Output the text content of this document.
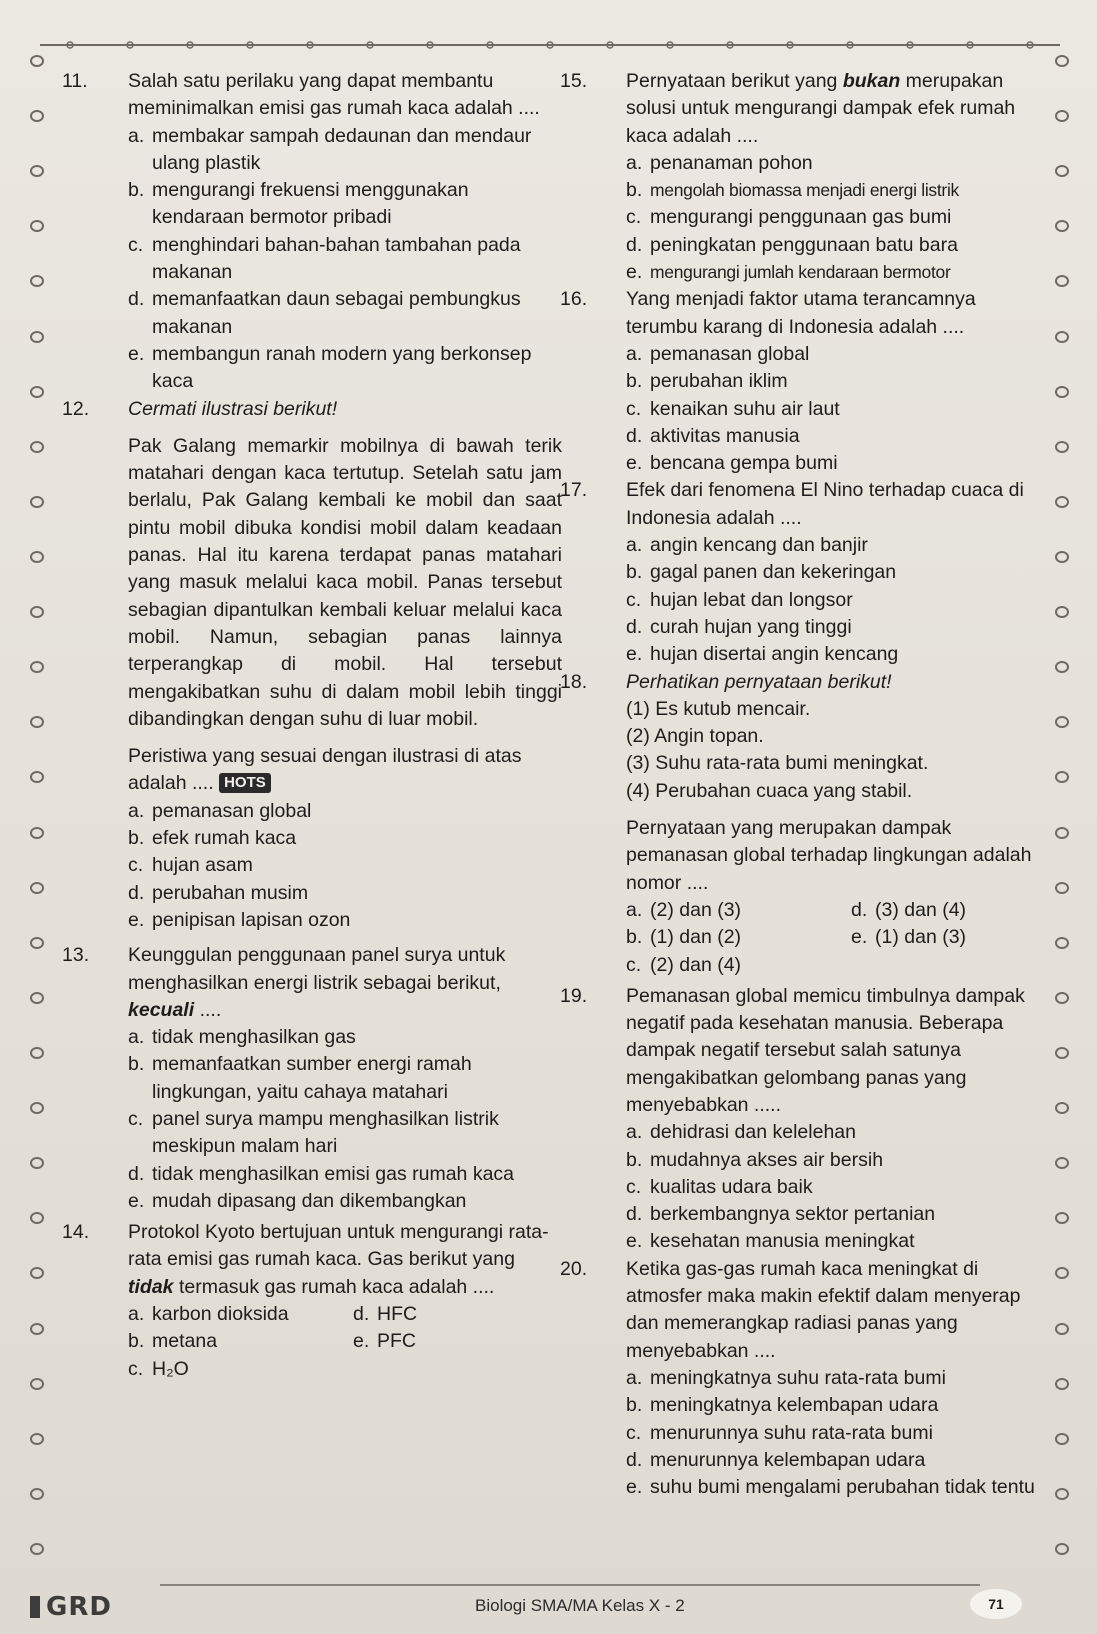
11.	Salah satu perilaku yang dapat membantu meminimalkan emisi gas rumah kaca adalah ....
a. membakar sampah dedaunan dan mendaur ulang plastik
b. mengurangi frekuensi menggunakan kendaraan bermotor pribadi
c. menghindari bahan-bahan tambahan pada makanan
d. memanfaatkan daun sebagai pembungkus makanan
e. membangun ranah modern yang berkonsep kaca
12.	Cermati ilustrasi berikut!
Pak Galang memarkir mobilnya di bawah terik matahari dengan kaca tertutup. Setelah satu jam berlalu, Pak Galang kembali ke mobil dan saat pintu mobil dibuka kondisi mobil dalam keadaan panas. Hal itu karena terdapat panas matahari yang masuk melalui kaca mobil. Panas tersebut sebagian dipantulkan kembali keluar melalui kaca mobil. Namun, sebagian panas lainnya terperangkap di mobil. Hal tersebut mengakibatkan suhu di dalam mobil lebih tinggi dibandingkan dengan suhu di luar mobil.
Peristiwa yang sesuai dengan ilustrasi di atas adalah .... HOTS
a. pemanasan global
b. efek rumah kaca
c. hujan asam
d. perubahan musim
e. penipisan lapisan ozon
13.	Keunggulan penggunaan panel surya untuk menghasilkan energi listrik sebagai berikut, kecuali ....
a. tidak menghasilkan gas
b. memanfaatkan sumber energi ramah lingkungan, yaitu cahaya matahari
c. panel surya mampu menghasilkan listrik meskipun malam hari
d. tidak menghasilkan emisi gas rumah kaca
e. mudah dipasang dan dikembangkan
14.	Protokol Kyoto bertujuan untuk mengurangi rata-rata emisi gas rumah kaca. Gas berikut yang tidak termasuk gas rumah kaca adalah ....
a. karbon dioksida	d. HFC
b. metana	e. PFC
c. H₂O
15.	Pernyataan berikut yang bukan merupakan solusi untuk mengurangi dampak efek rumah kaca adalah ....
a. penanaman pohon
b. mengolah biomassa menjadi energi listrik
c. mengurangi penggunaan gas bumi
d. peningkatan penggunaan batu bara
e. mengurangi jumlah kendaraan bermotor
16.	Yang menjadi faktor utama terancamnya terumbu karang di Indonesia adalah ....
a. pemanasan global
b. perubahan iklim
c. kenaikan suhu air laut
d. aktivitas manusia
e. bencana gempa bumi
17.	Efek dari fenomena El Nino terhadap cuaca di Indonesia adalah ....
a. angin kencang dan banjir
b. gagal panen dan kekeringan
c. hujan lebat dan longsor
d. curah hujan yang tinggi
e. hujan disertai angin kencang
18.	Perhatikan pernyataan berikut!
(1) Es kutub mencair.
(2) Angin topan.
(3) Suhu rata-rata bumi meningkat.
(4) Perubahan cuaca yang stabil.
Pernyataan yang merupakan dampak pemanasan global terhadap lingkungan adalah nomor ....
a. (2) dan (3)	d. (3) dan (4)
b. (1) dan (2)	e. (1) dan (3)
c. (2) dan (4)
19.	Pemanasan global memicu timbulnya dampak negatif pada kesehatan manusia. Beberapa dampak negatif tersebut salah satunya mengakibatkan gelombang panas yang menyebabkan .....
a. dehidrasi dan kelelehan
b. mudahnya akses air bersih
c. kualitas udara baik
d. berkembangnya sektor pertanian
e. kesehatan manusia meningkat
20.	Ketika gas-gas rumah kaca meningkat di atmosfer maka makin efektif dalam menyerap dan memerangkap radiasi panas yang menyebabkan ....
a. meningkatnya suhu rata-rata bumi
b. meningkatnya kelembapan udara
c. menurunnya suhu rata-rata bumi
d. menurunnya kelembapan udara
e. suhu bumi mengalami perubahan tidak tentu
GRD	Biologi SMA/MA Kelas X - 2	71
